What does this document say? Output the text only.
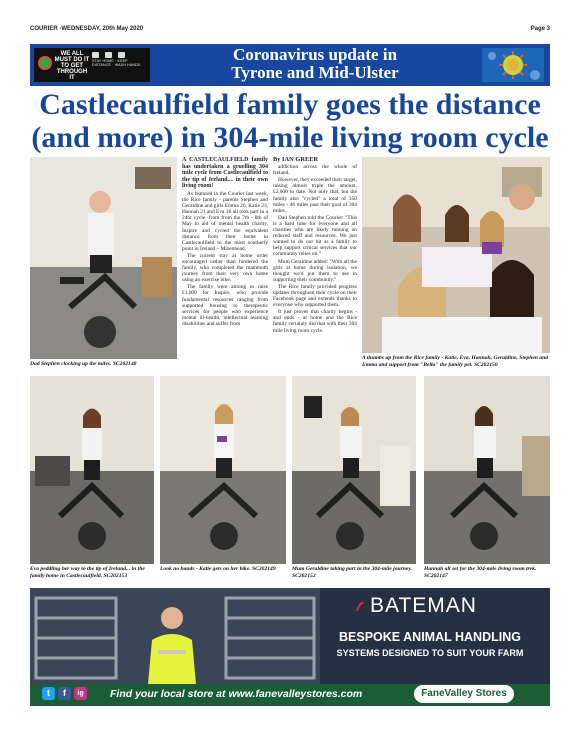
COURIER -WEDNESDAY, 20th May 2020	Page 3
WE ALL MUST DO IT TO GET THROUGH IT
STAY HOME · KEEP DISTANCE · WASH HANDS
Coronavirus update in
Tyrone and Mid-Ulster
Castlecaulfield family goes the distance (and more) in 304-mile living room cycle
Dad Stephen clocking up the miles. SC202148

A CASTLECAULFIELD family has undertaken a gruelling 304 mile cycle from Castlecaulfield to the tip of Ireland.... in their own living room!

As featured in the Courier last week, the Rice family - parents Stephen and Geraldine and girls Emma 26, Katie 23, Hannah 21 and Eva 16 all took part in a 24hr cycle -from from the 7th - 8th of May in aid of mental health charity, Inspire and cycled the equivalent distance from their home in Castlecaulfield to the most southerly point in Ireland – Mizenhead.

The current stay at home order encouraged rather than hindered the family, who completed the mammoth journey from their very own home using an exercise bike.

The family were aiming to raise £1,000 for Inspire, who provide fundamental resources ranging from supported housing to therapeutic services for people who experience mental ill-health, intellectual learning disabilities and suffer from

By IAN GREER

addiction across the whole of Ireland.

However, they exceeded their target, raising almost triple the amount, £2,600 to date. Not only that, but the family also "cycled" a total of 350 miles - 46 miles past their goal of 304 miles.

Dad Stephen told the Courier: "This is a hard time for everyone and all charities who are likely running on reduced staff and resources. We just wanted to do our bit as a family to help support critical services that our community relies on."

Mum Geraldine added: "With all the girls at home during isolation, we thought we'd put them to use in supporting their community."

The Rice family provided progress updates throughout their cycle on their Facebook page and extends thanks to everyone who supported them.

It just proves that charity begins - and ends - at home and the Rice family certainly did that with their 304 mile living room cycle.

A thumbs up from the Rice family - Katie, Eva, Hannah, Geraldine, Stephen and Emma and support from "Bella" the family pet. SC202150
Eva peddling her way to the tip of Ireland... in the family home in Castlecaulfield. SC202153
Look no hands - Katie gets on her bike. SC202149	Mum Geraldine taking part in the 304-mile journey. SC202152
Hannah all set for the 304-mile living room trek. SC202147
BATEMAN
BESPOKE ANIMAL HANDLING
SYSTEMS DESIGNED TO SUIT YOUR FARM
t	f	ig	Find your local store at www.fanevalleystores.com	FaneValley Stores
